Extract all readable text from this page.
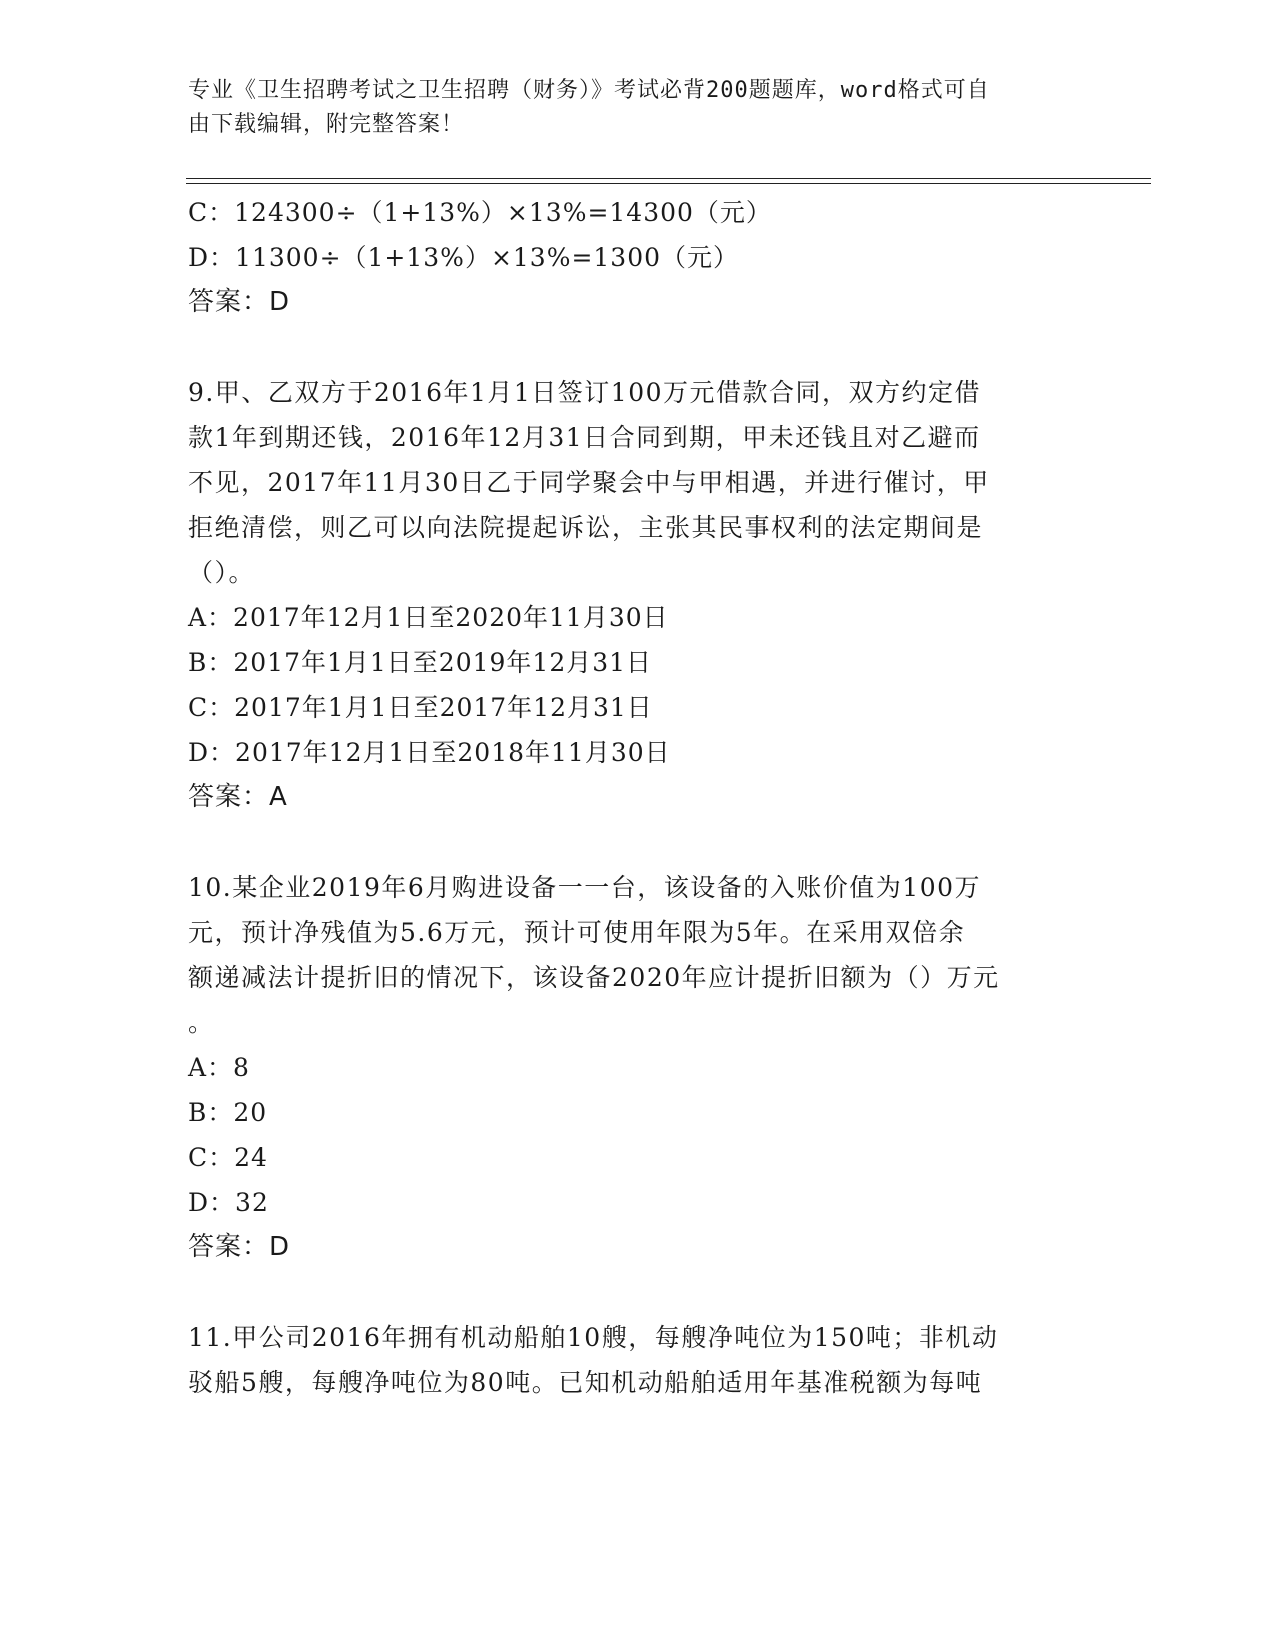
专业《卫生招聘考试之卫生招聘（财务）》考试必背200题题库，word格式可自
由下载编辑，附完整答案！
C：124300÷（1+13%）×13%=14300（元）
D：11300÷（1+13%）×13%=1300（元）
答案：D
9.甲、乙双方于2016年1月1日签订100万元借款合同，双方约定借
款1年到期还钱，2016年12月31日合同到期，甲未还钱且对乙避而
不见，2017年11月30日乙于同学聚会中与甲相遇，并进行催讨，甲
拒绝清偿，则乙可以向法院提起诉讼，主张其民事权利的法定期间是
（）。
A：2017年12月1日至2020年11月30日
B：2017年1月1日至2019年12月31日
C：2017年1月1日至2017年12月31日
D：2017年12月1日至2018年11月30日
答案：A
10.某企业2019年6月购进设备一一台，该设备的入账价值为100万
元，预计净残值为5.6万元，预计可使用年限为5年。在采用双倍余
额递减法计提折旧的情况下，该设备2020年应计提折旧额为（）万元
。
A：8
B：20
C：24
D：32
答案：D
11.甲公司2016年拥有机动船舶10艘，每艘净吨位为150吨；非机动
驳船5艘，每艘净吨位为80吨。已知机动船舶适用年基准税额为每吨
